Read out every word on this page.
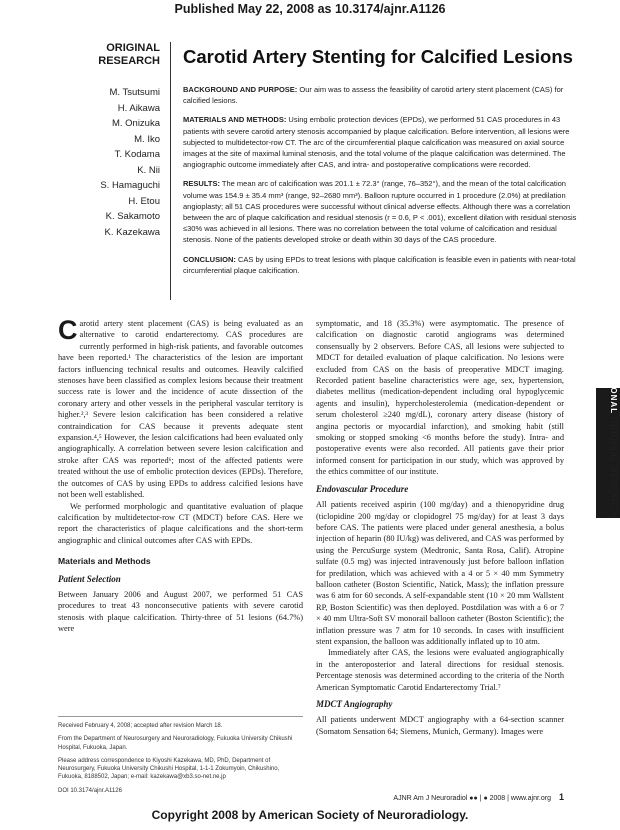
Published May 22, 2008 as 10.3174/ajnr.A1126
ORIGINAL
RESEARCH Carotid Artery Stenting for Calcified Lesions
M. Tsutsumi
H. Aikawa
M. Onizuka
M. Iko
T. Kodama
K. Nii
S. Hamaguchi
H. Etou
K. Sakamoto
K. Kazekawa

BACKGROUND AND PURPOSE: Our aim was to assess the feasibility of carotid artery stent placement (CAS) for calcified lesions.

MATERIALS AND METHODS: Using embolic protection devices (EPDs), we performed 51 CAS procedures in 43 patients with severe carotid artery stenosis accompanied by plaque calcification. Before intervention, all lesions were subjected to multidetector-row CT. The arc of the circumferential plaque calcification was measured on axial source images at the site of maximal luminal stenosis, and the total volume of the plaque calcification was determined. The angiographic outcome immediately after CAS, and intra- and postoperative complications were recorded.

RESULTS: The mean arc of calcification was 201.1 ± 72.3° (range, 76–352°), and the mean of the total calcification volume was 154.9 ± 35.4 mm³ (range, 92–2680 mm³). Balloon rupture occurred in 1 procedure (2.0%) at predilation angioplasty; all 51 CAS procedures were successful without clinical adverse effects. Although there was a correlation between the arc of plaque calcification and residual stenosis (r = 0.6, P < .001), excellent dilation with residual stenosis ≤30% was achieved in all lesions. There was no correlation between the total volume of calcification and residual stenosis. None of the patients developed stroke or death within 30 days of the CAS procedure.

CONCLUSION: CAS by using EPDs to treat lesions with plaque calcification is feasible even in patients with near-total circumferential plaque calcification.

Carotid artery stent placement (CAS) is being evaluated as an alternative to carotid endarterectomy. CAS procedures are currently performed in high-risk patients, and favorable outcomes have been reported.¹ The characteristics of the lesion are important factors influencing technical results and outcomes. Heavily calcified stenoses have been classified as complex lesions because their treatment success rate is lower and the incidence of acute dissection of the coronary artery and other vessels in the peripheral vascular territory is higher.²,³ Severe lesion calcification has been considered a relative contraindication for CAS because it prevents adequate stent expansion.⁴,⁵ However, the lesion calcifications had been evaluated only angiographically. A correlation between severe lesion calcification and stroke after CAS was reported⁶; most of the affected patients were treated without the use of embolic protection devices (EPDs). Therefore, the outcomes of CAS by using EPDs to address calcified lesions have not been well established.

We performed morphologic and quantitative evaluation of plaque calcification by multidetector-row CT (MDCT) before CAS. Here we report the characteristics of plaque calcifications and the short-term angiographic and clinical outcomes after CAS with EPDs.

Materials and Methods
Patient Selection

Between January 2006 and August 2007, we performed 51 CAS procedures to treat 43 nonconsecutive patients with severe carotid stenosis with plaque calcification. Thirty-three of 51 lesions (64.7%) were

Received February 4, 2008; accepted after revision March 18.

From the Department of Neurosurgery and Neuroradiology, Fukuoka University Chikushi Hospital, Fukuoka, Japan.

Please address correspondence to Kiyoshi Kazekawa, MD, PhD, Department of Neurosurgery, Fukuoka University Chikushi Hospital, 1-1-1 Zokumyoin, Chikushino, Fukuoka, 8188502, Japan; e-mail: kazekawa@xb3.so-net.ne.jp

DOI 10.3174/ajnr.A1126

symptomatic, and 18 (35.3%) were asymptomatic. The presence of calcification on diagnostic carotid angiograms was determined consensually by 2 observers. Before CAS, all lesions were subjected to MDCT for detailed evaluation of plaque calcification. No lesions were excluded from CAS on the basis of preoperative MDCT imaging. Recorded patient baseline characteristics were age, sex, hypertension, diabetes mellitus (medication-dependent including oral hypoglycemic agents and insulin), hypercholesterolemia (medication-dependent or serum cholesterol ≥240 mg/dL), coronary artery disease (history of angina pectoris or myocardial infarction), and smoking habit (still smoking or stopped smoking <6 months before the study). Intra- and postoperative events were also recorded. All patients gave their prior informed consent for participation in our study, which was approved by the ethics committee of our institute.

Endovascular Procedure

All patients received aspirin (100 mg/day) and a thienopyridine drug (ticlopidine 200 mg/day or clopidogrel 75 mg/day) for at least 3 days before CAS. The patients were placed under general anesthesia, a bolus injection of heparin (80 IU/kg) was delivered, and CAS was performed by using the PercuSurge system (Medtronic, Santa Rosa, Calif). Atropine sulfate (0.5 mg) was injected intravenously just before balloon inflation for predilation, which was achieved with a 4 or 5 × 40 mm Symmetry balloon catheter (Boston Scientific, Natick, Mass); the inflation pressure was 6 atm for 60 seconds. A self-expandable stent (10 × 20 mm Wallstent RP, Boston Scientific) was then deployed. Postdilation was with a 6 or 7 × 40 mm Ultra-Soft SV monorail balloon catheter (Boston Scientific); the inflation pressure was 7 atm for 10 seconds. In cases with insufficient stent expansion, the balloon was additionally inflated up to 10 atm.

Immediately after CAS, the lesions were evaluated angiographically in the anteroposterior and lateral directions for residual stenosis. Percentage stenosis was determined according to the criteria of the North American Symptomatic Carotid Endarterectomy Trial.⁷

MDCT Angiography

All patients underwent MDCT angiography with a 64-section scanner (Somatom Sensation 64; Siemens, Munich, Germany). Images were

INTERVENTIONAL ORIGINAL RESEARCH
AJNR Am J Neuroradiol ●● | ● 2008 | www.ajnr.org 1
Copyright 2008 by American Society of Neuroradiology.
